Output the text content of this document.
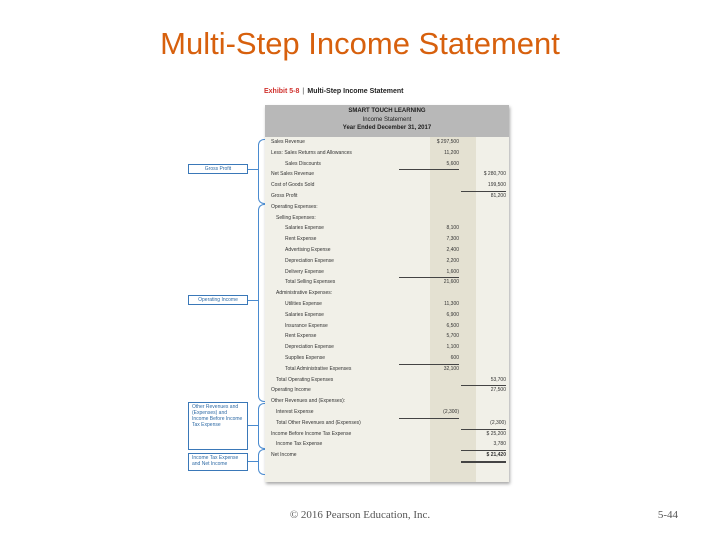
Multi-Step Income Statement
Exhibit 5-8 | Multi-Step Income Statement
SMART TOUCH LEARNING
Income Statement
Year Ended December 31, 2017
Sales Revenue	$ 297,500
Less: Sales Returns and Allowances	11,200
Sales Discounts	5,600
Net Sales Revenue	$ 280,700
Cost of Goods Sold	199,500
Gross Profit	81,200
Operating Expenses:
Selling Expenses:
Salaries Expense	8,100
Rent Expense	7,300
Advertising Expense	2,400
Depreciation Expense	2,200
Delivery Expense	1,600
Total Selling Expenses	21,600
Administrative Expenses:
Utilities Expense	11,300
Salaries Expense	6,900
Insurance Expense	6,500
Rent Expense	5,700
Depreciation Expense	1,100
Supplies Expense	600
Total Administrative Expenses	32,100
Total Operating Expenses	53,700
Operating Income	27,500
Other Revenues and (Expenses):
Interest Expense	(2,300)
Total Other Revenues and (Expenses)	(2,300)
Income Before Income Tax Expense	$ 25,200
Income Tax Expense	3,780
Net Income	$ 21,420
Gross Profit
Operating Income
Other Revenues and (Expenses) and Income Before Income Tax Expense
Income Tax Expense and Net Income
© 2016 Pearson Education, Inc.	5-44
